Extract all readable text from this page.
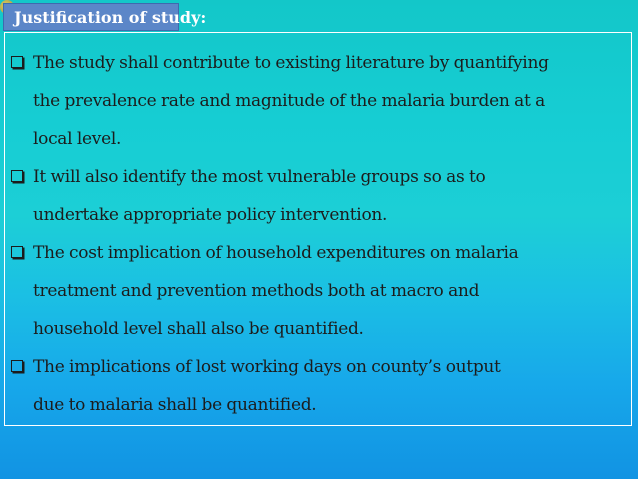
Justification of study:
The study shall contribute to existing literature by quantifying
the prevalence rate and magnitude of the malaria burden at a
local level.
It will also identify the most vulnerable groups so as to
undertake appropriate policy intervention.
The cost implication of household expenditures on malaria
treatment and prevention methods both at macro and
household level shall also be quantified.
The implications of lost working days on county’s output
due to malaria shall be quantified.
